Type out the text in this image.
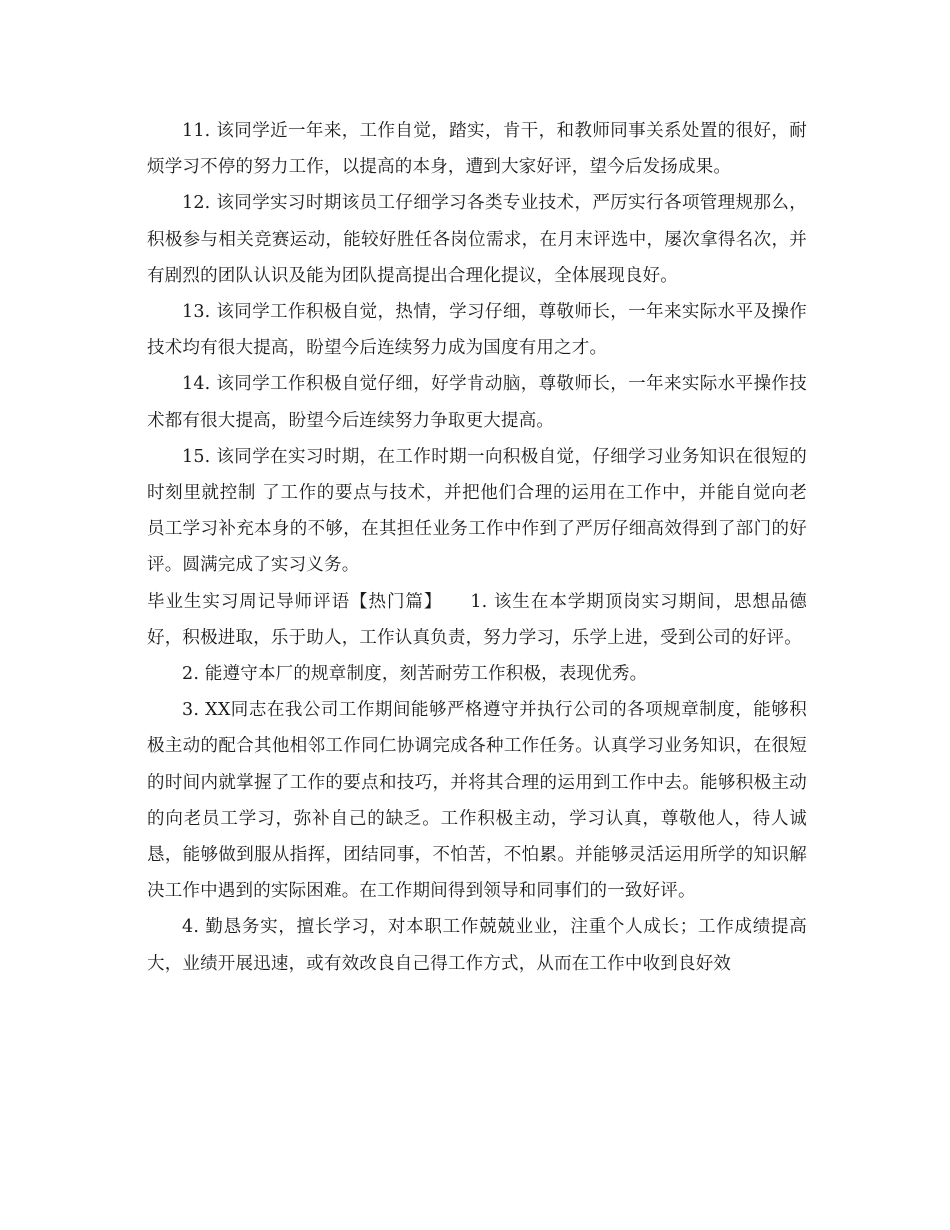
11. 该同学近一年来，工作自觉，踏实，肯干，和教师同事关系处置的很好，耐烦学习不停的努力工作，以提高的本身，遭到大家好评，望今后发扬成果。

12. 该同学实习时期该员工仔细学习各类专业技术，严厉实行各项管理规那么，积极参与相关竞赛运动，能较好胜任各岗位需求，在月末评选中，屡次拿得名次，并有剧烈的团队认识及能为团队提高提出合理化提议，全体展现良好。

13. 该同学工作积极自觉，热情，学习仔细，尊敬师长，一年来实际水平及操作技术均有很大提高，盼望今后连续努力成为国度有用之才。

14. 该同学工作积极自觉仔细，好学肯动脑，尊敬师长，一年来实际水平操作技术都有很大提高，盼望今后连续努力争取更大提高。

15. 该同学在实习时期，在工作时期一向积极自觉，仔细学习业务知识在很短的时刻里就控制 了工作的要点与技术，并把他们合理的运用在工作中，并能自觉向老员工学习补充本身的不够，在其担任业务工作中作到了严厉仔细高效得到了部门的好评。圆满完成了实习义务。

毕业生实习周记导师评语【热门篇】 1. 该生在本学期顶岗实习期间，思想品德好，积极进取，乐于助人，工作认真负责，努力学习，乐学上进，受到公司的好评。

2. 能遵守本厂的规章制度，刻苦耐劳工作积极，表现优秀。

3. XX同志在我公司工作期间能够严格遵守并执行公司的各项规章制度，能够积极主动的配合其他相邻工作同仁协调完成各种工作任务。认真学习业务知识，在很短的时间内就掌握了工作的要点和技巧，并将其合理的运用到工作中去。能够积极主动的向老员工学习，弥补自己的缺乏。工作积极主动，学习认真，尊敬他人，待人诚恳，能够做到服从指挥，团结同事，不怕苦，不怕累。并能够灵活运用所学的知识解决工作中遇到的实际困难。在工作期间得到领导和同事们的一致好评。

4. 勤恳务实，擅长学习，对本职工作兢兢业业，注重个人成长；工作成绩提高大，业绩开展迅速，或有效改良自己得工作方式，从而在工作中收到良好效
